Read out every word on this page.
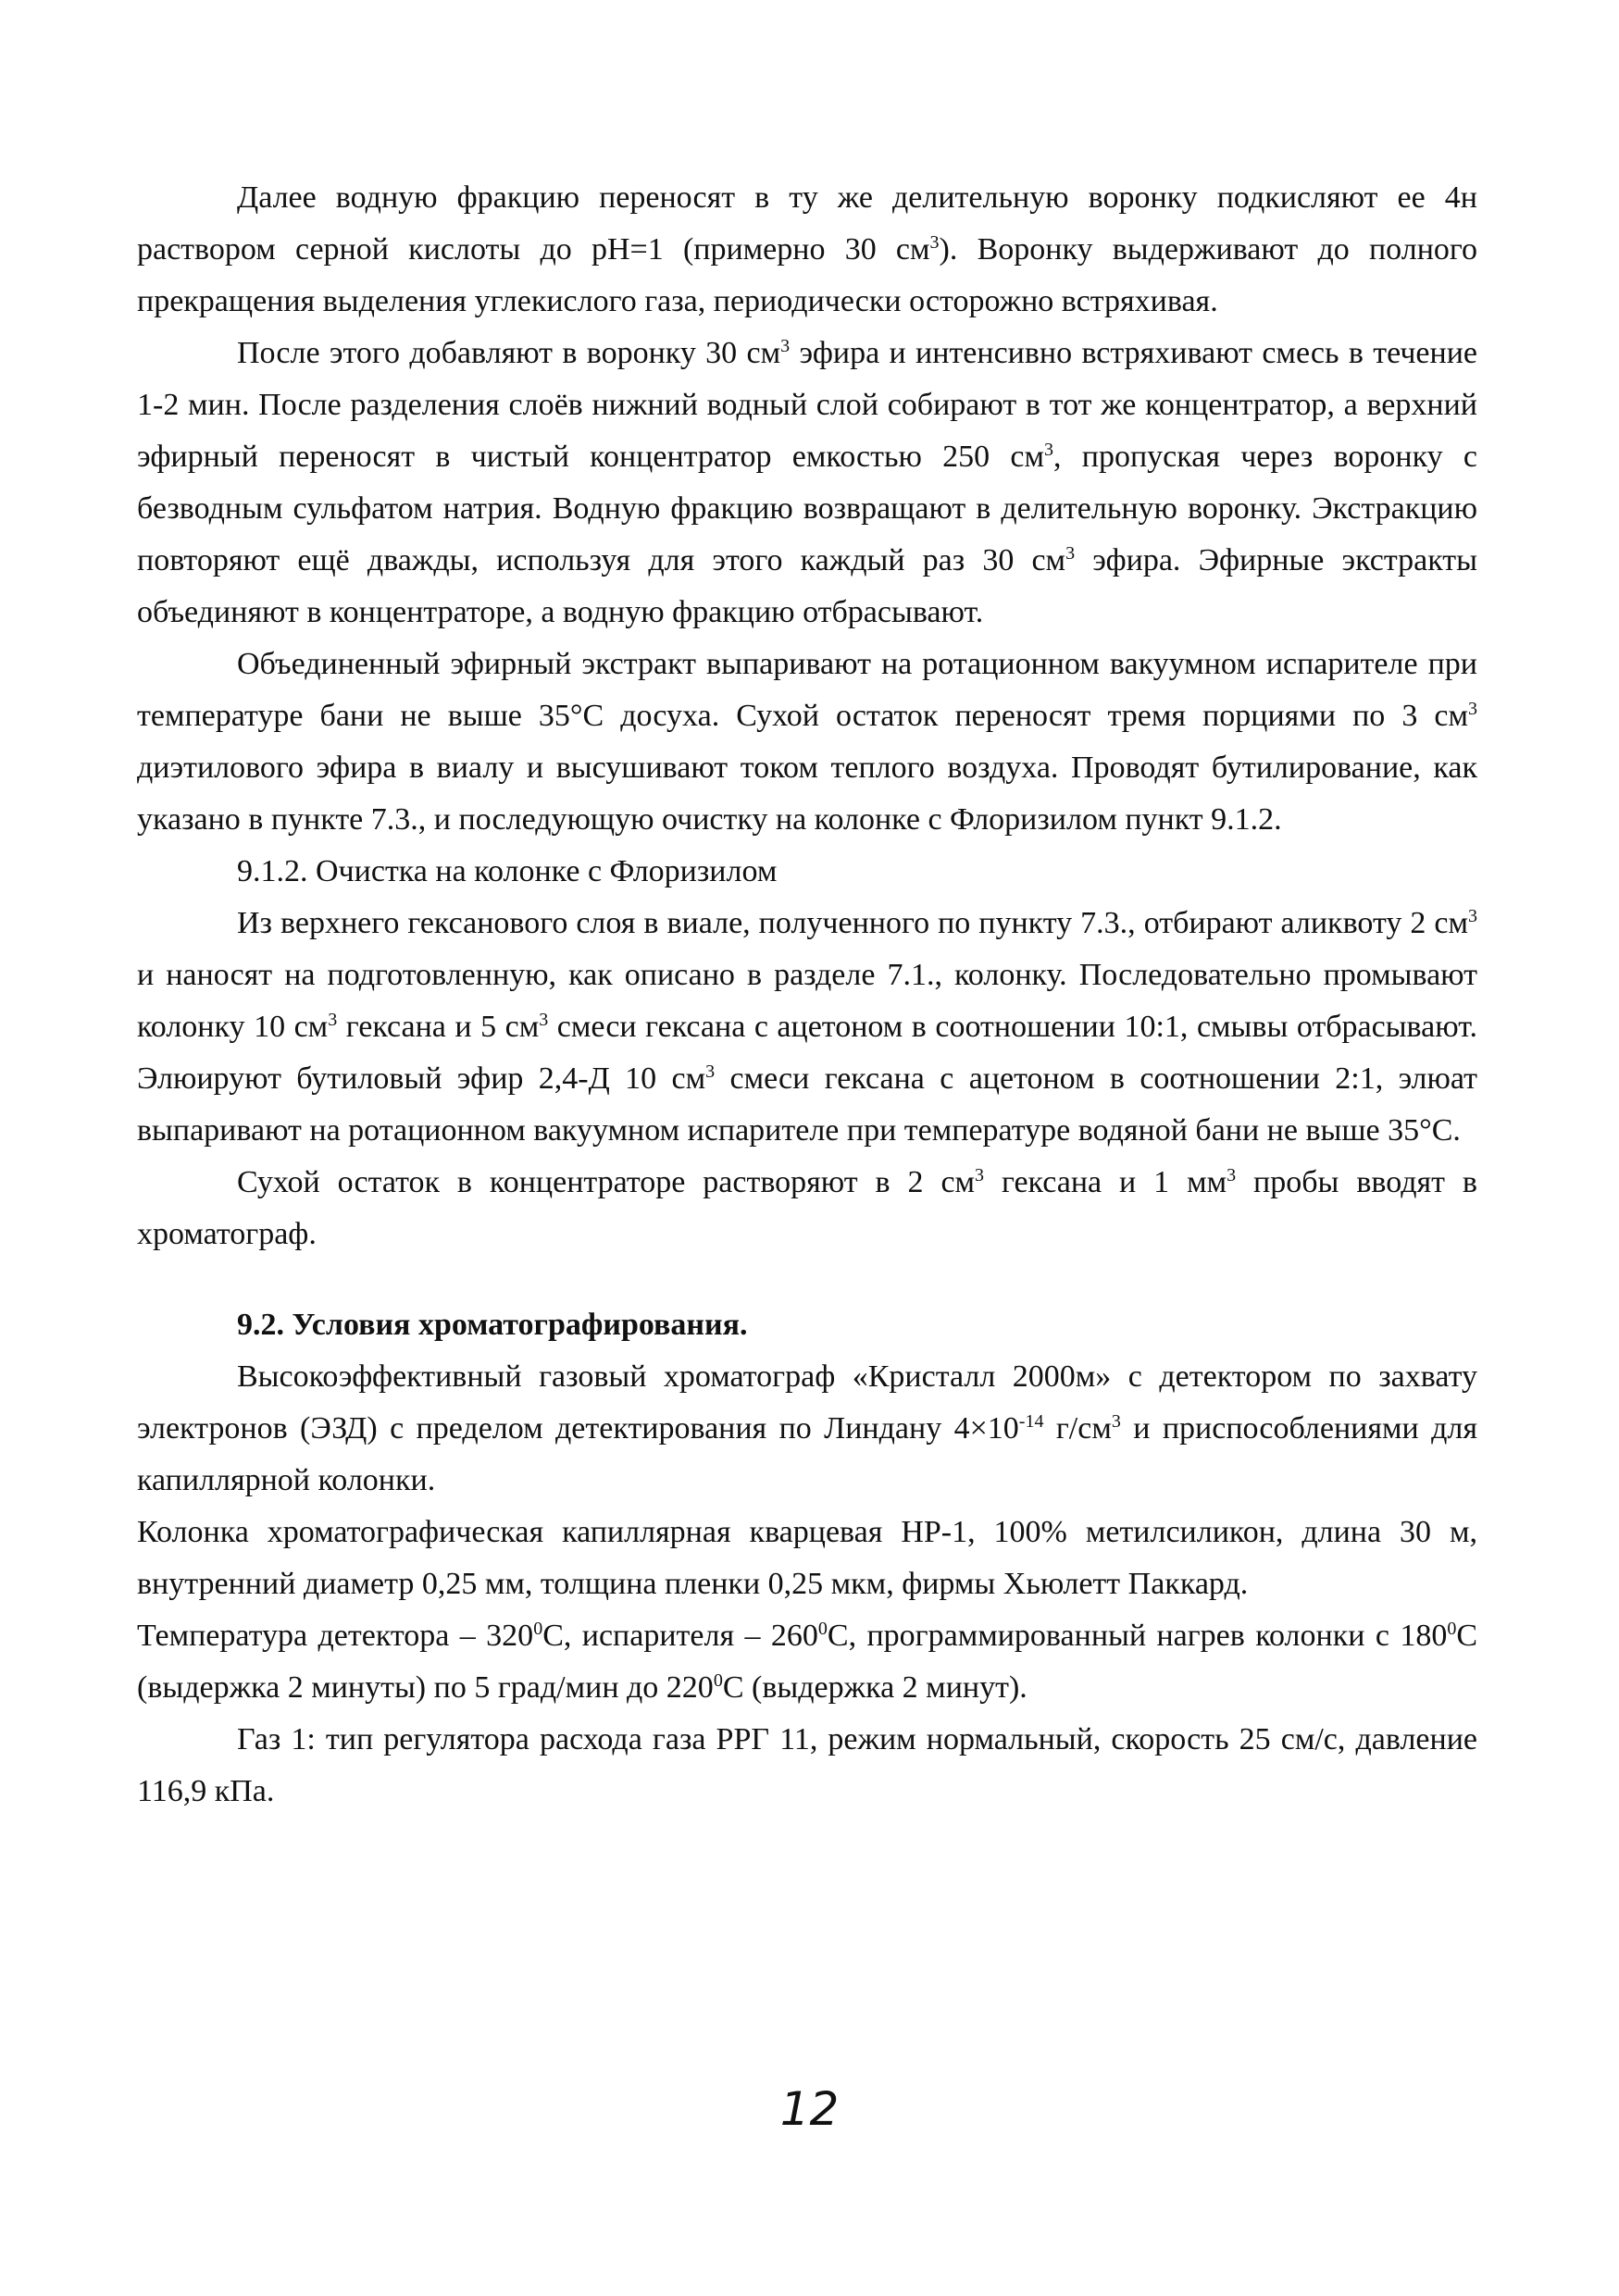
Далее водную фракцию переносят в ту же делительную воронку подкисляют ее 4н раствором серной кислоты до pH=1 (примерно 30 $см^3$). Воронку выдерживают до полного прекращения выделения углекислого газа, периодически осторожно встряхивая.

После этого добавляют в воронку 30 $см^3$ эфира и интенсивно встряхивают смесь в течение 1-2 мин. После разделения слоёв нижний водный слой собирают в тот же концентратор, а верхний эфирный переносят в чистый концентратор емкостью 250 $см^3$, пропуская через воронку с безводным сульфатом натрия. Водную фракцию возвращают в делительную воронку. Экстракцию повторяют ещё дважды, используя для этого каждый раз 30 $см^3$ эфира. Эфирные экстракты объединяют в концентраторе, а водную фракцию отбрасывают.

Объединенный эфирный экстракт выпаривают на ротационном вакуумном испарителе при температуре бани не выше 35°С досуха. Сухой остаток переносят тремя порциями по 3 $см^3$ диэтилового эфира в виалу и высушивают током теплого воздуха. Проводят бутилирование, как указано в пункте 7.3., и последующую очистку на колонке с Флоризилом пункт 9.1.2.

9.1.2. Очистка на колонке с Флоризилом

Из верхнего гексанового слоя в виале, полученного по пункту 7.3., отбирают аликвоту 2 $см^3$ и наносят на подготовленную, как описано в разделе 7.1., колонку. Последовательно промывают колонку 10 $см^3$ гексана и 5 $см^3$ смеси гексана с ацетоном в соотношении 10:1, смывы отбрасывают. Элюируют бутиловый эфир 2,4-Д 10 $см^3$ смеси гексана с ацетоном в соотношении 2:1, элюат выпаривают на ротационном вакуумном испарителе при температуре водяной бани не выше 35°С.

Сухой остаток в концентраторе растворяют в 2 $см^3$ гексана и 1 $мм^3$ пробы вводят в хроматограф.

9.2. Условия хроматографирования.

Высокоэффективный газовый хроматограф «Кристалл 2000м» с детектором по захвату электронов (ЭЗД) с пределом детектирования по Линдану $4\times 10^{-14}$ $г/см^3$ и приспособлениями для капиллярной колонки.

Колонка хроматографическая капиллярная кварцевая НР-1, 100% метилсиликон, длина 30 м, внутренний диаметр 0,25 мм, толщина пленки 0,25 мкм, фирмы Хьюлетт Паккард.

Температура детектора – $320^0С$, испарителя – $260^0С$, программированный нагрев колонки с $180^0С$ (выдержка 2 минуты) по 5 град/мин до $220^0С$ (выдержка 2 минут).

Газ 1: тип регулятора расхода газа РРГ 11, режим нормальный, скорость 25 см/с, давление 116,9 кПа.

12
